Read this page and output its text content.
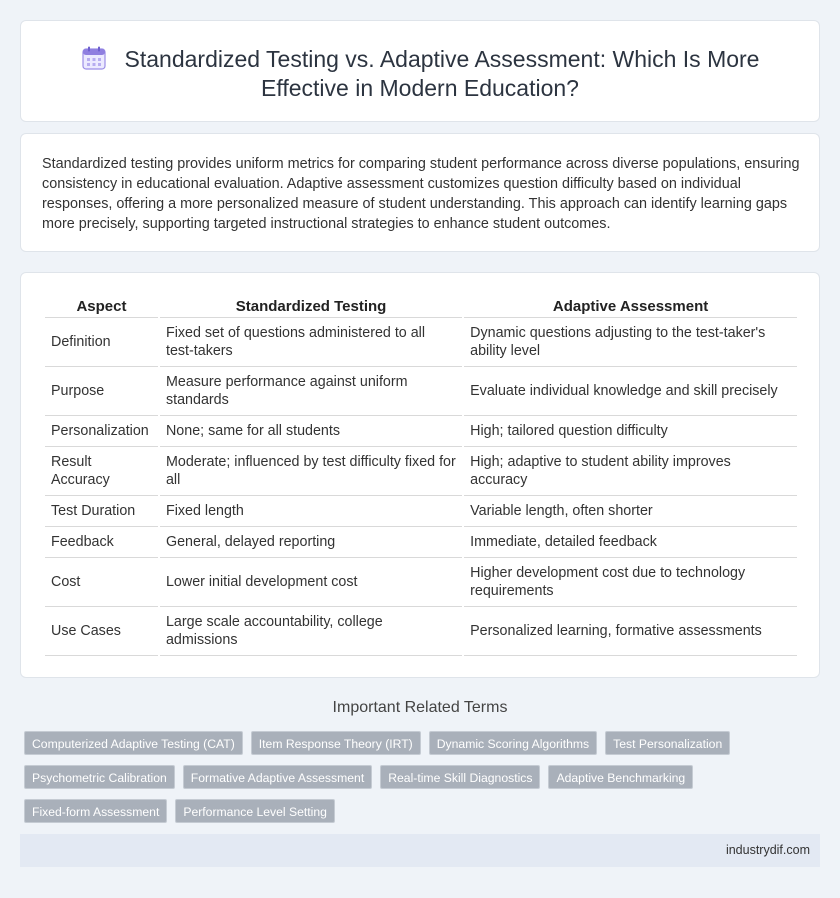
Standardized Testing vs. Adaptive Assessment: Which Is More
Effective in Modern Education?

Standardized testing provides uniform metrics for comparing student performance across diverse populations, ensuring consistency in educational evaluation. Adaptive assessment customizes question difficulty based on individual responses, offering a more personalized measure of student understanding. This approach can identify learning gaps more precisely, supporting targeted instructional strategies to enhance student outcomes.

Aspect	Standardized Testing	Adaptive Assessment
Definition	Fixed set of questions administered to all test-takers	Dynamic questions adjusting to the test-taker's ability level
Purpose	Measure performance against uniform standards	Evaluate individual knowledge and skill precisely
Personalization	None; same for all students	High; tailored question difficulty
Result Accuracy	Moderate; influenced by test difficulty fixed for all	High; adaptive to student ability improves accuracy
Test Duration	Fixed length	Variable length, often shorter
Feedback	General, delayed reporting	Immediate, detailed feedback
Cost	Lower initial development cost	Higher development cost due to technology requirements
Use Cases	Large scale accountability, college admissions	Personalized learning, formative assessments
Important Related Terms
Computerized Adaptive Testing (CAT)	Item Response Theory (IRT)	Dynamic Scoring Algorithms	Test Personalization
Psychometric Calibration	Formative Adaptive Assessment	Real-time Skill Diagnostics	Adaptive Benchmarking
Fixed-form Assessment	Performance Level Setting
industrydif.com
